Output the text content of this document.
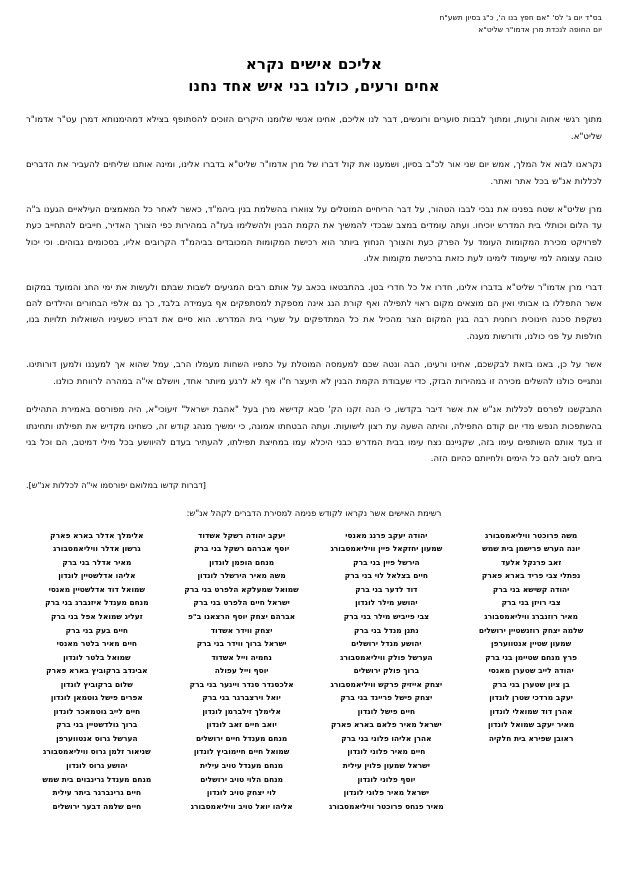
בס"ד יום ג' לס' "אם חפץ בנו ה', כ"ג בסיון תשע"ח
יום החופה לנכדת מרן אדמו"ר שליט"א
אליכם אישים נקרא
אחים ורעים, כולנו בני איש אחד נחנו

מתוך רגשי אחוה ורעות, ומתוך לבבות סוערים ורוגשים, דבר לנו אליכם, אחינו אנשי שלומנו היקרים הזוכים להסתופף בצילא דמהימנותא דמרן עט"ר אדמו"ר שליט"א.

נקראנו לבוא אל המלך, אמש יום שני אור לכ"ב בסיון, ושמענו את קול דברו של מרן אדמו"ר שליט"א בדברו אלינו, ומינה אותנו שליחים להעביר את הדברים לכללות אנ"ש בכל אתר ואתר.

מרן שליט"א שטח בפנינו את נבכי לבבו הטהור, על דבר הריחיים המוטלים על צווארו בהשלמת בנין ביהמ"ד, כאשר לאחר כל המאמצים העילאיים הגענו ב"ה עד הלום וכותלי בית המדרש יוכיחו. ועתה עומדים במצב שבכדי להמשיך את הקמת הבנין ולהשלימו בעז"ה במהירות כפי הצורך האדיר, חייבים להתחייב כעת לפרויקט מכירת המקומות העומד על הפרק כעת והצורך הנחוץ ביותר הוא רכישת המקומות המכובדים בביהמ"ד הקרובים אליו, בסכומים גבוהים. וכי יכול טובה עצומה למי שיעמוד לימינו לעת כזאת ברכישת מקומות אלו.

דברי מרן אדמו"ר שליט"א בדברו אלינו, חדרו אל כל חדרי בטן. בהתבטאו בכאב על אותם רבים המגיעים לשבות שבתם ולעשות את ימי החג והמועד במקום אשר התפללו בו אבותי ואין הם מוצאים מקום ראוי לתפילה ואף קורת הגג אינה מספקת למסתפקים אף בעמידה בלבד, כך גם אלפי הבחורים והילדים להם נשקפת סכנה חינוכית רוחנית רבה בגין המקום הצר מהכיל את כל המתדפקים על שערי בית המדרש. הוא סיים את דבריו כשעיניו השואלות תלויות בנו, חולפות על פני כולנו, ודורשות מענה.

אשר על כן, באנו בזאת לבקשכם, אחינו ורעינו, הבה ונטה שכם למעמסה המוטלת על כתפיו השחות מעמלו הרב, עמל שהוא אך למעננו ולמען דורותינו. ונתגייס כולנו להשלים מכירה זו במהירות הבזק, כדי שעבודת הקמת הבנין לא תיעצר ח"ו אף לא לרגע מיותר אחד, ויושלם אי"ה במהרה לרווחת כולנו.

התבקשנו לפרסם לכללות אנ"ש את אשר דיבר בקדשו, כי הנה זקנו הק' סבא קדישא מרן בעל "אהבת ישראל" זיעוכי"א, היה מפורסם באמירת התהילים בהשתפכות הנפש מדי יום קודם התפילה, והיתה השעה עת רצון לישועות. ועתה הבטחתו אמונה, כי ימשיך מנהג קודש זה, כשחינו מקדיש את תפילתו ותחינתו זו בעד אותם השותפים עימו בזה, שקניינם נצח עימו בבית המדרש כבני היכלא עמו במחיצת תפילתו, להעתיר בעדם להיוושע בכל מילי דמיטב, הם וכל בני ביתם לטוב להם כל הימים ולחיותם כהיום הזה.

[דברות קדשו במלואם יפורסמו אי"ה לכללות אנ"ש].
רשימת האישים אשר נקראו לקודש פנימה למסירת הדברים לקהל אנ"ש:
משה פרוכטר וויליאמסבורג
יונה הערש פרישמן בית שמש
זאב פרנקל אלעד
נפתלי צבי פריד בארא פארק
יהודה קשישא בני ברק
צבי רויזן בני ברק
מאיר רוזנברג וויליאמסבורג
שלמה יצחק רוזנשטיין ירושלים
שמעון שטיין אנטווערפן
פרץ מנחם שטיימן בני ברק
יהודה לייב שטערן מאנסי
בן ציון שטערן בני ברק
יעקב מרדכי שטרן לונדון
אהרן דוד שמואלי לונדון
מאיר יעקב שמואל לונדון
ראובן שפירא בית חלקיה
יהודה יעקב פרנג מאנסי
שמעון יחזקאל פיין וויליאמסבורג
הירשל פיין בני ברק
חיים בצלאל לוי בני ברק
דוד לדער בני ברק
יהושע מילר לונדון
צבי פייביש מילר בני ברק
נתנן מנדל בני ברק
יהושע מנדל ירושלים
הערשל פולק וויליאמסבורג
ברוך פולק ירושלים
יצחק אייזיק פרקש וויליאמסבורג
יצחק פישל פריינד בני ברק
חיים פישל לונדון
ישראל מאיר פלאם בארא פארק
אהרן אליהו פלוני בני ברק
חיים מאיר פלוני לונדון
ישראל שמעון פלוין עילית
יוסף פלוני לונדון
ישראל מאיר פלוני לונדון
מאיר פנחס פרוכטר וויליאמסבורג
יעקב יהודה רשקל אשדוד
יוסף אברהם רשקל בני ברק
מנחם הופמן לונדון
משה מאיר הירשלר לונדון
שמואל שמעלקא הלפרט בני ברק
ישראל חיים הלפרט בני ברק
אברהם יצחק יוסף הרצאנו ב"פ
יצחק ווידר אשדוד
ישראל ברוך ווידר בני ברק
נחמיה וייל אשדוד
יוסף וייל עפולה
אלכסנדר סנדר ויינער בני ברק
יואל וירצברגר בני ברק
אלימלך זילברמן לונדון
יואב חיים זאב לונדון
מנחם מענדל חיים ירושלים
שמואל חיים חיימוביץ לונדון
מנחם מענדל טויב עילית
מנחם הלוי טויב ירושלים
לוי יצחק טויב לונדון
אליהו יואל טויב וויליאמסבורג
אלימלך אדלר בארא פארק
גרשון אדלר וויליאמסבורג
מאיר אדלר בני ברק
אליהו אדלשטיין לונדון
שמואל דוד אדלשטיין מאנסי
מנחם מענדל איזנברג בני ברק
זעליג שמואל אפל בני ברק
חיים בעק בני ברק
חיים מאיר בלטר מאנסי
שמואל בלטר לונדון
אבינדב ברקוביץ בארא פארק
שלום ברקוביץ לונדון
אפרים פישל גוטמאן לונדון
חיים לייב גוטמאכר לונדון
ברוך גולדשטיין בני ברק
הערשל גרוס אנטווערפן
שניאור זלמן גרוס וויליאמסבורג
יהושע גרוס לונדון
מנחם מענדל גרינבוים בית שמש
חיים גרינברגר ביתר עילית
חיים שלמה דבער ירושלים
